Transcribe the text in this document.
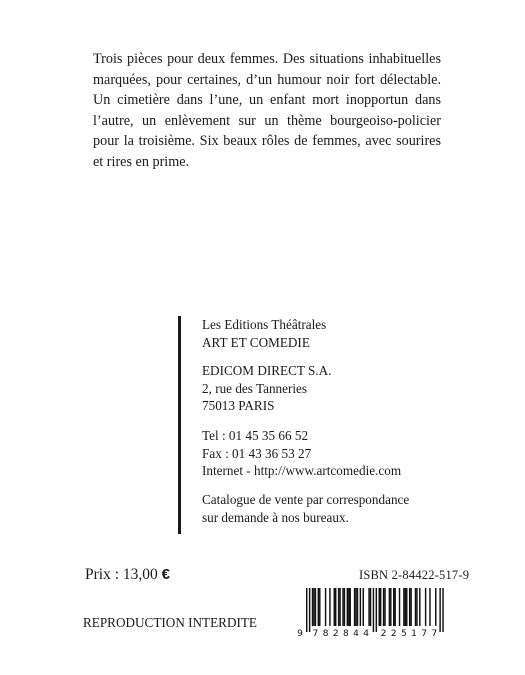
Trois pièces pour deux femmes. Des situations inhabituelles marquées, pour certaines, d’un humour noir fort délectable. Un cimetière dans l’une, un enfant mort inopportun dans l’autre, un enlèvement sur un thème bourgeoiso-policier pour la troisième. Six beaux rôles de femmes, avec sourires et rires en prime.
Les Editions Théâtrales
ART ET COMEDIE
EDICOM DIRECT S.A.
2, rue des Tanneries
75013 PARIS
Tel : 01 45 35 66 52
Fax : 01 43 36 53 27
Internet - http://www.artcomedie.com
Catalogue de vente par correspondance
sur demande à nos bureaux.
Prix : 13,00 €	ISBN 2-84422-517-9
REPRODUCTION INTERDITE
9 7 8 2 8 4 4 2 2 5 1 7 7
